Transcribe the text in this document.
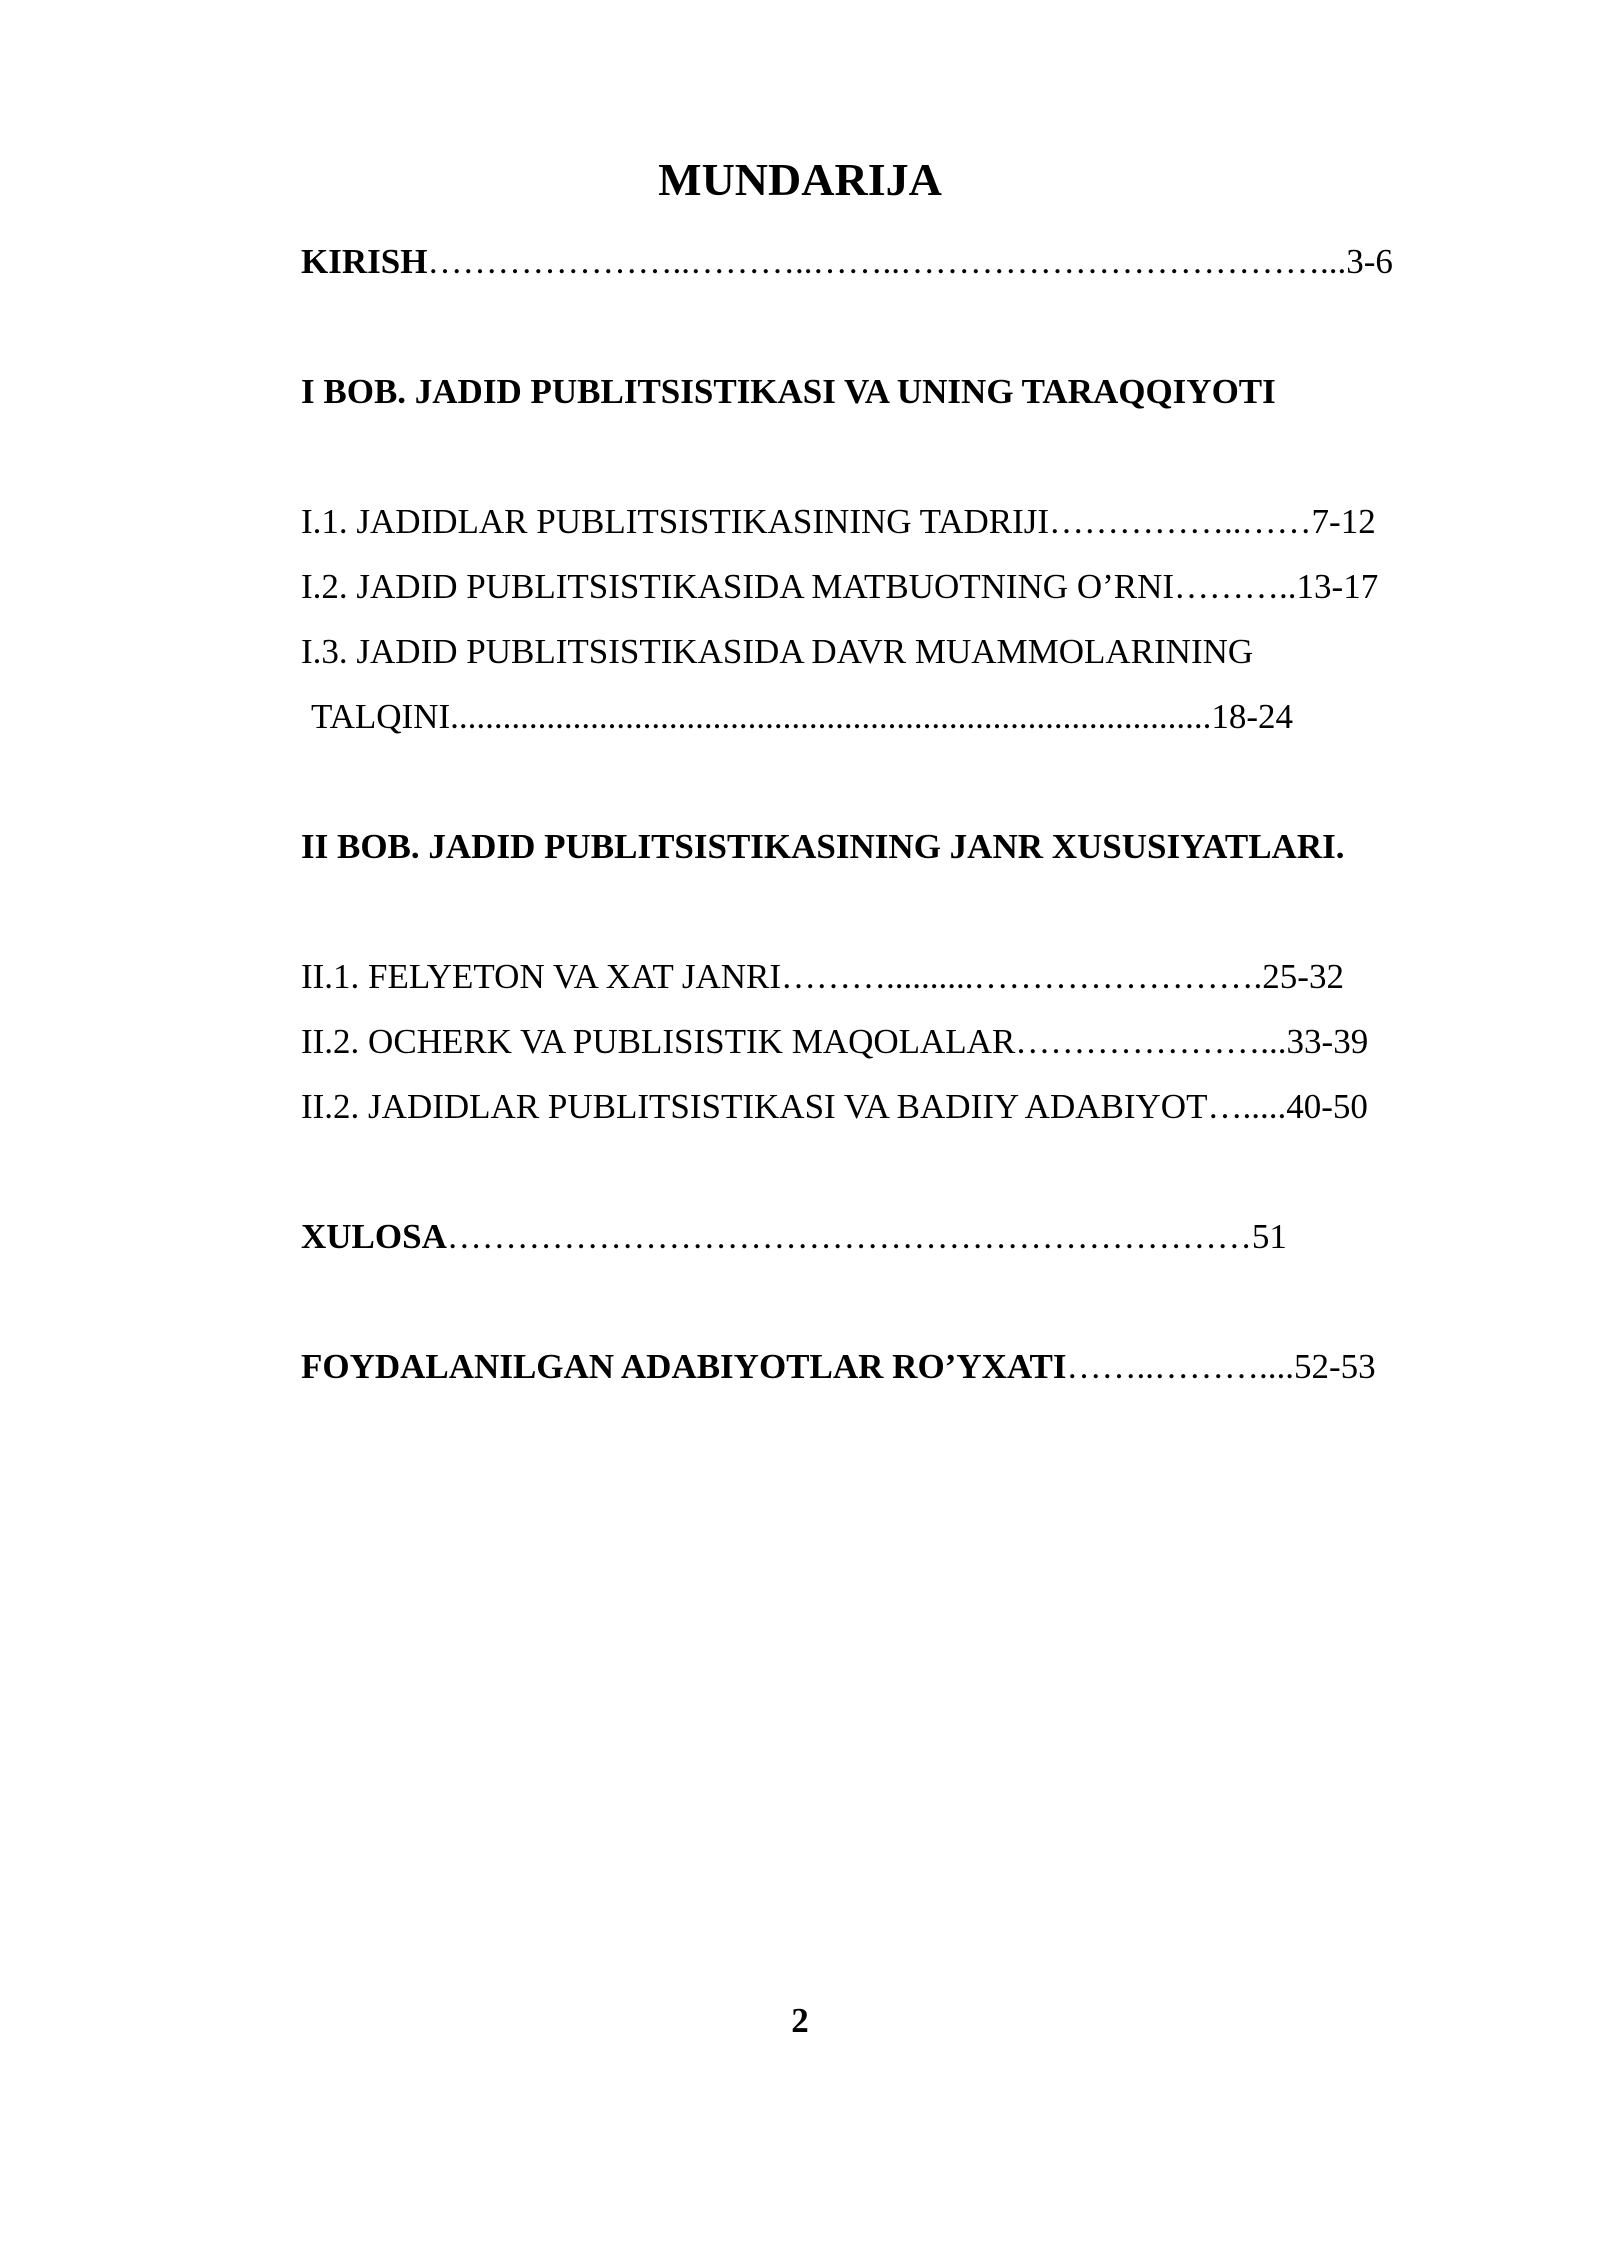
MUNDARIJA
KIRISH…………………..………..……..………………………………...3-6
I BOB. JADID PUBLITSISTIKASI VA UNING TARAQQIYOTI
I.1. JADIDLAR PUBLITSISTIKASINING TADRIJI……………..……7-12
I.2. JADID PUBLITSISTIKASIDA MATBUOTNING O’RNI………..13-17
I.3. JADID PUBLITSISTIKASIDA DAVR MUAMMOLARINING
TALQINI.......................................................................................18-24
II BOB. JADID PUBLITSISTIKASINING JANR XUSUSIYATLARI.
II.1. FELYETON VA XAT JANRI………..........…………………….25-32
II.2. OCHERK VA PUBLISISTIK MAQOLALAR…………………...33-39
II.2. JADIDLAR PUBLITSISTIKASI VA BADIIY ADABIYOT….....40-50
XULOSA……………………………………………………………51
FOYDALANILGAN ADABIYOTLAR RO’YXATI……..………....52-53
2
